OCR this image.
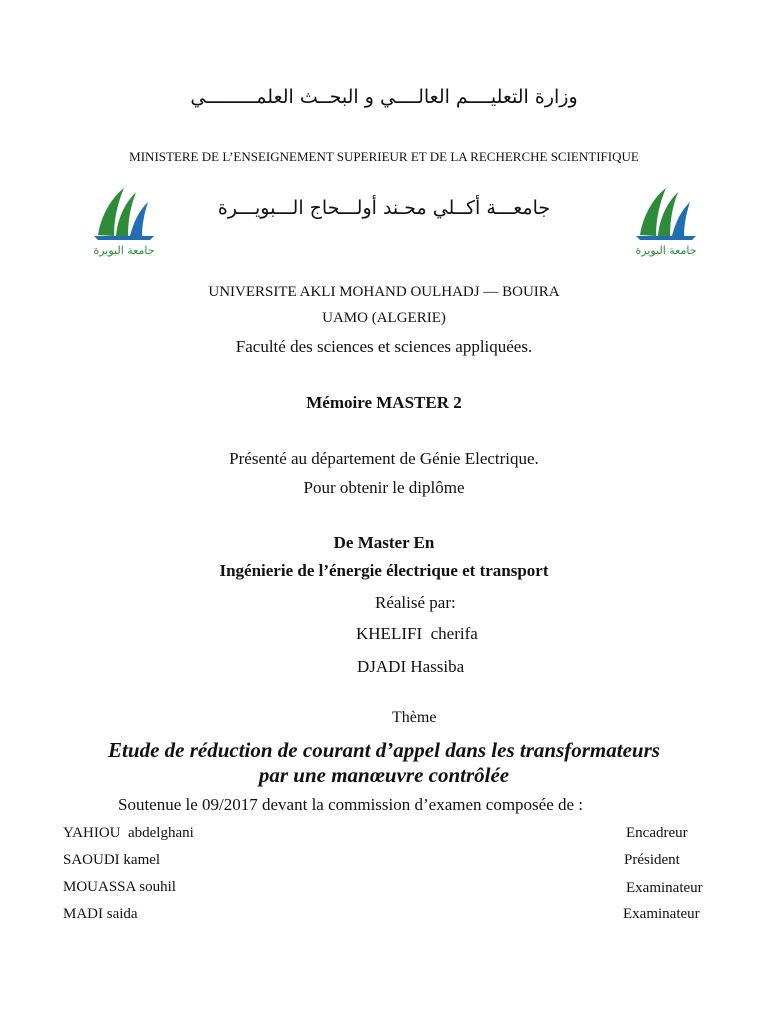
وزارة التعليــــم العالــــي و البحــث العلمـــــــــي
MINISTERE DE L’ENSEIGNEMENT SUPERIEUR ET DE LA RECHERCHE SCIENTIFIQUE
جامعة البويرة
جامعـــة أكــلي محـند أولـــحاج الـــبويـــرة
جامعة البويرة
UNIVERSITE AKLI MOHAND OULHADJ — BOUIRA
UAMO (ALGERIE)
Faculté des sciences et sciences appliquées.
Mémoire MASTER 2
Présenté au département de Génie Electrique.
Pour obtenir le diplôme
De Master En
Ingénierie de l’énergie électrique et transport
Réalisé par:
KHELIFI  cherifa
DJADI Hassiba
Thème
Etude de réduction de courant d’appel dans les transformateurs
par une manœuvre contrôlée
Soutenue le 09/2017 devant la commission d’examen composée de :
YAHIOU  abdelghani	Encadreur
SAOUDI kamel	Président
MOUASSA souhil	Examinateur
MADI saida	Examinateur
